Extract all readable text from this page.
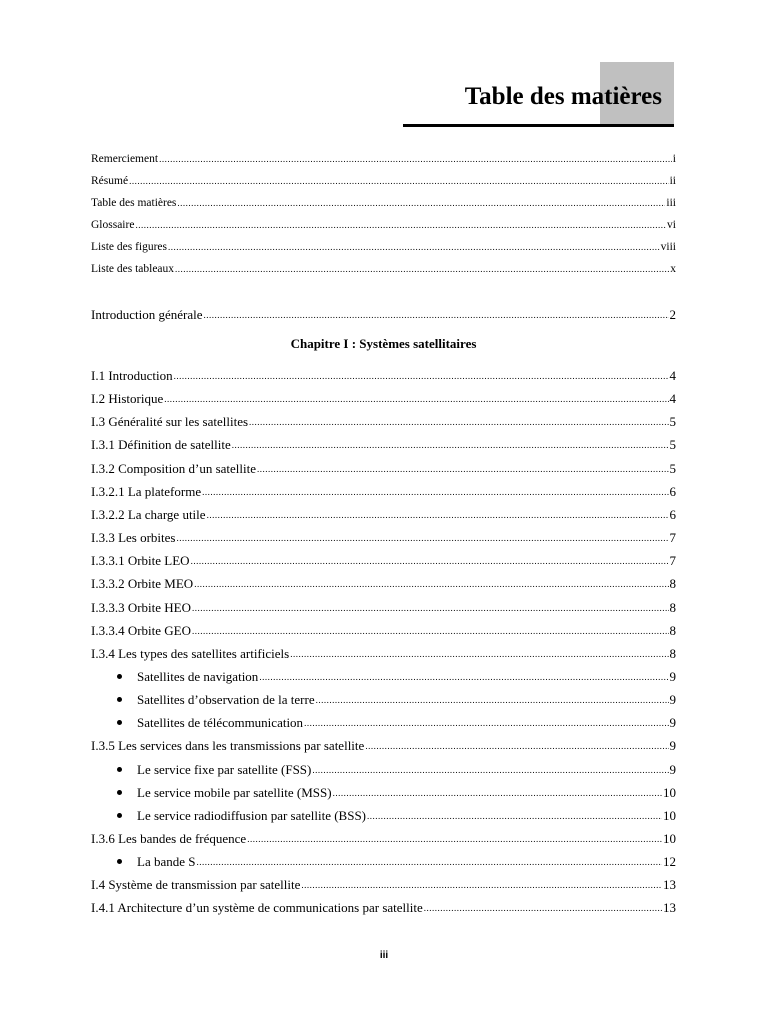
Table des matières
Remerciement .....	i
Résumé .....	ii
Table des matières .....	iii
Glossaire .....	vi
Liste des figures .....	viii
Liste des tableaux .....	x
Introduction générale .....	2
I.1 Introduction .....	4
I.2 Historique .....	4
I.3 Généralité sur les satellites .....	5
I.3.1 Définition de satellite .....	5
I.3.2 Composition d’un satellite .....	5
I.3.2.1 La plateforme .....	6
I.3.2.2 La charge utile .....	6
I.3.3 Les orbites .....	7
I.3.3.1 Orbite LEO .....	7
I.3.3.2 Orbite MEO .....	8
I.3.3.3 Orbite HEO .....	8
I.3.3.4 Orbite GEO .....	8
I.3.4 Les types des satellites artificiels .....	8
Satellites de navigation .....	9
Satellites d’observation de la terre .....	9
Satellites de télécommunication .....	9
I.3.5 Les services dans les transmissions par satellite .....	9
Le service fixe par satellite (FSS) .....	9
Le service mobile par satellite (MSS) .....	10
Le service radiodiffusion par satellite (BSS) .....	10
I.3.6 Les bandes de fréquence .....	10
La bande S .....	12
I.4 Système de transmission par satellite .....	13
I.4.1 Architecture d’un système de communications par satellite .....	13
Chapitre I : Systèmes satellitaires
iii
